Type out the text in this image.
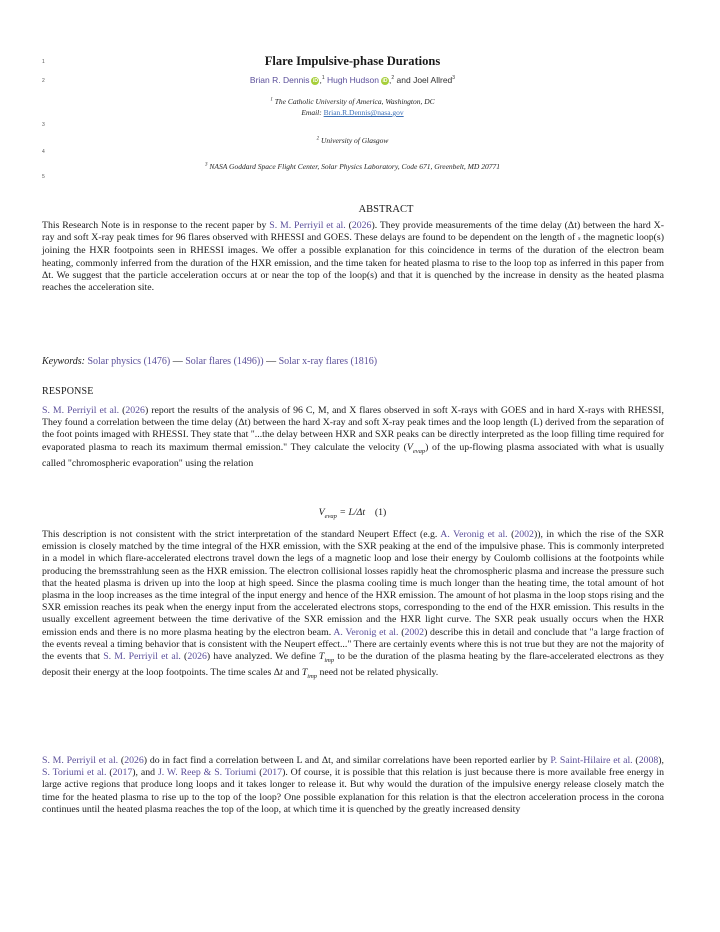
1
2
3
4
5
Flare Impulsive-phase Durations
Brian R. Dennis iD ,$^1$ Hugh Hudson iD ,$^2$ and Joel Allred$^3$
$^1$ The Catholic University of America, Washington, DC
Email: Brian.R.Dennis@nasa.gov
$^2$ University of Glasgow
$^3$ NASA Goddard Space Flight Center, Solar Physics Laboratory, Code 671, Greenbelt, MD 20771
ABSTRACT
This Research Note is in response to the recent paper by S. M. Perriyil et al. (2026). They provide measurements of the time delay (Δt) between the hard X-ray and soft X-ray peak times for 96 flares observed with RHESSI and GOES. These delays are found to be dependent on the length of s the magnetic loop(s) joining the HXR footpoints seen in RHESSI images. We offer a possible explanation for this coincidence in terms of the duration of the electron beam heating, commonly inferred from the duration of the HXR emission, and the time taken for heated plasma to rise to the loop top as inferred in this paper from Δt. We suggest that the particle acceleration occurs at or near the top of the loop(s) and that it is quenched by the increase in density as the heated plasma reaches the acceleration site.
Keywords: Solar physics (1476) — Solar flares (1496)) — Solar x-ray flares (1816)
RESPONSE
S. M. Perriyil et al. (2026) report the results of the analysis of 96 C, M, and X flares observed in soft X-rays with GOES and in hard X-rays with RHESSI, They found a correlation between the time delay (Δt) between the hard X-ray and soft X-ray peak times and the loop length (L) derived from the separation of the foot points imaged with RHESSI. They state that "...the delay between HXR and SXR peaks can be directly interpreted as the loop filling time required for evaporated plasma to reach its maximum thermal emission." They calculate the velocity $(V_{evap})$ of the up-flowing plasma associated with what is usually called "chromospheric evaporation" using the relation
$V_{evap} = L/\Delta t$ (1)
This description is not consistent with the strict interpretation of the standard Neupert Effect (e.g. A. Veronig et al. (2002)), in which the rise of the SXR emission is closely matched by the time integral of the HXR emission, with the SXR peaking at the end of the impulsive phase. This is commonly interpreted in a model in which flare-accelerated electrons travel down the legs of a magnetic loop and lose their energy by Coulomb collisions at the footpoints while producing the bremsstrahlung seen as the HXR emission. The electron collisional losses rapidly heat the chromospheric plasma and increase the pressure such that the heated plasma is driven up into the loop at high speed. Since the plasma cooling time is much longer than the heating time, the total amount of hot plasma in the loop increases as the time integral of the input energy and hence of the HXR emission. The amount of hot plasma in the loop stops rising and the SXR emission reaches its peak when the energy input from the accelerated electrons stops, corresponding to the end of the HXR emission. This results in the usually excellent agreement between the time derivative of the SXR emission and the HXR light curve. The SXR peak usually occurs when the HXR emission ends and there is no more plasma heating by the electron beam. A. Veronig et al. (2002) describe this in detail and conclude that "a large fraction of the events reveal a timing behavior that is consistent with the Neupert effect..." There are certainly events where this is not true but they are not the majority of the events that S. M. Perriyil et al. (2026) have analyzed. We define $T_{imp}$ to be the duration of the plasma heating by the flare-accelerated electrons as they deposit their energy at the loop footpoints. The time scales Δt and $T_{imp}$ need not be related physically.
S. M. Perriyil et al. (2026) do in fact find a correlation between L and Δt, and similar correlations have been reported earlier by P. Saint-Hilaire et al. (2008), S. Toriumi et al. (2017), and J. W. Reep & S. Toriumi (2017). Of course, it is possible that this relation is just because there is more available free energy in large active regions that produce long loops and it takes longer to release it. But why would the duration of the impulsive energy release closely match the time for the heated plasma to rise up to the top of the loop? One possible explanation for this relation is that the electron acceleration process in the corona continues until the heated plasma reaches the top of the loop, at which time it is quenched by the greatly increased density
